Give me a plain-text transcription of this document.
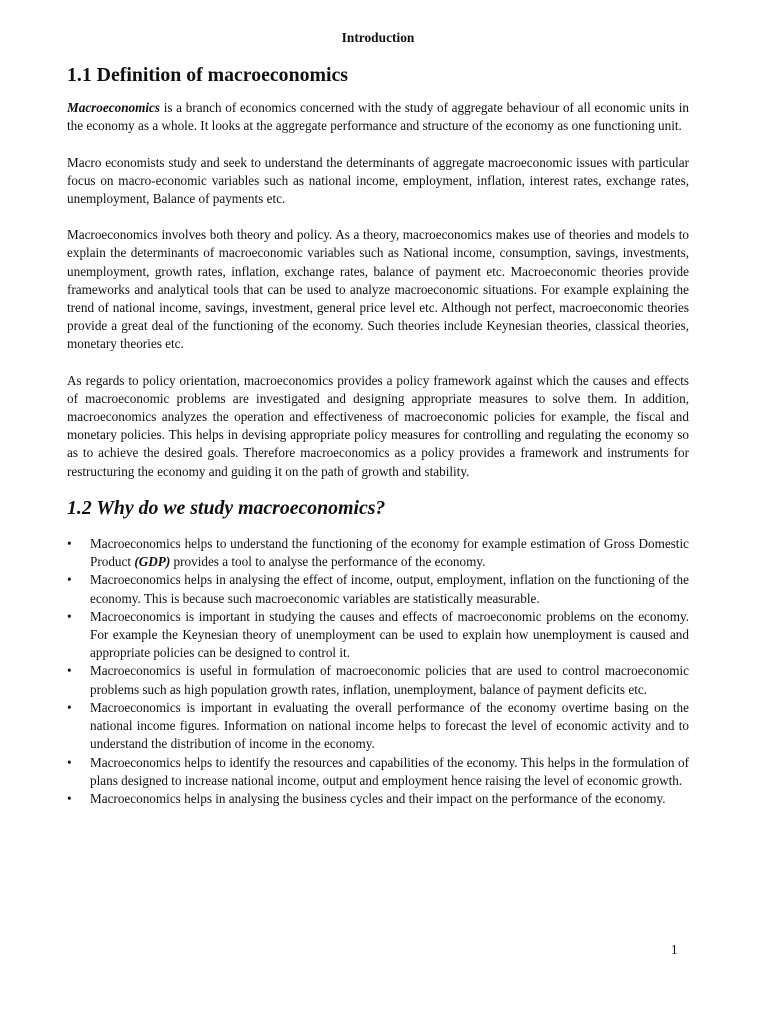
Introduction
1.1 Definition of macroeconomics

Macroeconomics is a branch of economics concerned with the study of aggregate behaviour of all economic units in the economy as a whole. It looks at the aggregate performance and structure of the economy as one functioning unit.

Macro economists study and seek to understand the determinants of aggregate macroeconomic issues with particular focus on macro-economic variables such as national income, employment, inflation, interest rates, exchange rates, unemployment, Balance of payments etc.

Macroeconomics involves both theory and policy. As a theory, macroeconomics makes use of theories and models to explain the determinants of macroeconomic variables such as National income, consumption, savings, investments, unemployment, growth rates, inflation, exchange rates, balance of payment etc. Macroeconomic theories provide frameworks and analytical tools that can be used to analyze macroeconomic situations. For example explaining the trend of national income, savings, investment, general price level etc. Although not perfect, macroeconomic theories provide a great deal of the functioning of the economy. Such theories include Keynesian theories, classical theories, monetary theories etc.

As regards to policy orientation, macroeconomics provides a policy framework against which the causes and effects of macroeconomic problems are investigated and designing appropriate measures to solve them. In addition, macroeconomics analyzes the operation and effectiveness of macroeconomic policies for example, the fiscal and monetary policies. This helps in devising appropriate policy measures for controlling and regulating the economy so as to achieve the desired goals. Therefore macroeconomics as a policy provides a framework and instruments for restructuring the economy and guiding it on the path of growth and stability.

1.2 Why do we study macroeconomics?
• Macroeconomics helps to understand the functioning of the economy for example estimation of Gross Domestic Product (GDP) provides a tool to analyse the performance of the economy.
• Macroeconomics helps in analysing the effect of income, output, employment, inflation on the functioning of the economy. This is because such macroeconomic variables are statistically measurable.
• Macroeconomics is important in studying the causes and effects of macroeconomic problems on the economy. For example the Keynesian theory of unemployment can be used to explain how unemployment is caused and appropriate policies can be designed to control it.
• Macroeconomics is useful in formulation of macroeconomic policies that are used to control macroeconomic problems such as high population growth rates, inflation, unemployment, balance of payment deficits etc.
• Macroeconomics is important in evaluating the overall performance of the economy overtime basing on the national income figures. Information on national income helps to forecast the level of economic activity and to understand the distribution of income in the economy.
• Macroeconomics helps to identify the resources and capabilities of the economy. This helps in the formulation of plans designed to increase national income, output and employment hence raising the level of economic growth.
• Macroeconomics helps in analysing the business cycles and their impact on the performance of the economy.
1
